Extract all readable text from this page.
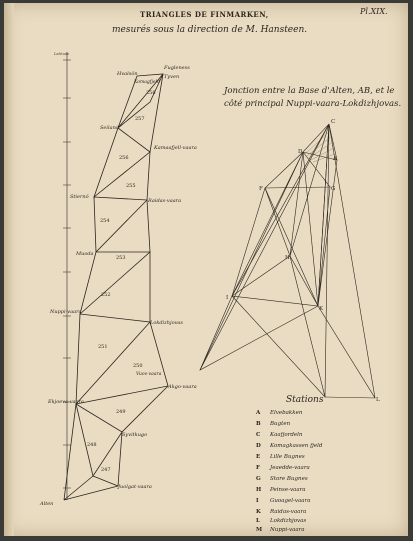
TRIANGLES DE FINMARKEN,
mesurés sous la direction de M. Hansteen.
Pl.XIX.
Jonction entre la Base d'Alten, AB, et le
côté principal Nuppi-vaara-Lokdizhjovas.
Fugleness
Tyven
Hvalsön
Seiland
Kamaafjell-vaara
Raidas-vaara
Stiernö
Muoda
Nuppi-vaara
Lokdizhjovas
Akgo-vaara
Ekjoeva-vaara
Syvitkugo
Juolgat-vaara
Alten
256
257
256
255
254
253
252
251
250
249
248
247
C
D
A
G
F
H
I
K
L
Stations
A Elvebakken
B Bugten
C Kaafjordeln
D Komagkassen fjeld
E Lille Bugnes
F Jeaedde-vaara
G Store Bugnes
H Peinse-vaara
I Guoagel-vaara
K Raidas-vaara
L Lokdizhjovas
M Nuppi-vaara
Komagfjeld
Vuov-vaara
Latitude
